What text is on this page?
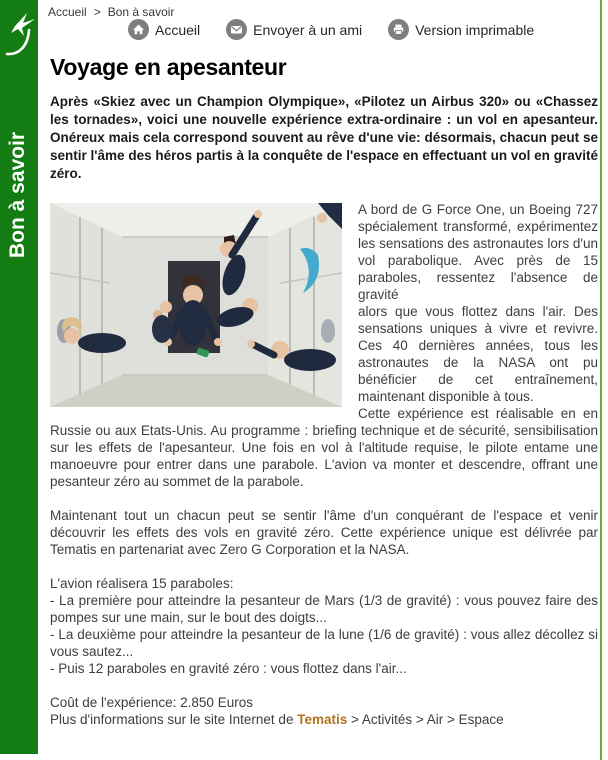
Bon à savoir
Accueil > Bon à savoir
Accueil	Envoyer à un ami	Version imprimable
Voyage en apesanteur

Après «Skiez avec un Champion Olympique», «Pilotez un Airbus 320» ou «Chassez les tornades», voici une nouvelle expérience extra-ordinaire : un vol en apesanteur. Onéreux mais cela correspond souvent au rêve d'une vie: désormais, chacun peut se sentir l'âme des héros partis à la conquête de l'espace en effectuant un vol en gravité zéro.

A bord de G Force One, un Boeing 727 spécialement transformé, expérimentez les sensations des astronautes lors d'un vol parabolique. Avec près de 15 paraboles, ressentez l'absence de gravité
alors que vous flottez dans l'air. Des sensations uniques à vivre et revivre. Ces 40 dernières années, tous les astronautes de la NASA ont pu bénéficier de cet entraînement, maintenant disponible à tous.

Cette expérience est réalisable en en Russie ou aux Etats-Unis. Au programme : briefing technique et de sécurité, sensibilisation sur les effets de l'apesanteur. Une fois en vol à l'altitude requise, le pilote entame une manoeuvre pour entrer dans une parabole. L'avion va monter et descendre, offrant une pesanteur zéro au sommet de la parabole.

Maintenant tout un chacun peut se sentir l'âme d'un conquérant de l'espace et venir découvrir les effets des vols en gravité zéro. Cette expérience unique est délivrée par Tematis en partenariat avec Zero G Corporation et la NASA.

L'avion réalisera 15 paraboles:
- La première pour atteindre la pesanteur de Mars (1/3 de gravité) : vous pouvez faire des pompes sur une main, sur le bout des doigts...
- La deuxième pour atteindre la pesanteur de la lune (1/6 de gravité) : vous allez décollez si vous sautez...
- Puis 12 paraboles en gravité zéro : vous flottez dans l'air...

Coût de l'expérience: 2.850 Euros
Plus d'informations sur le site Internet de Tematis > Activités > Air > Espace
